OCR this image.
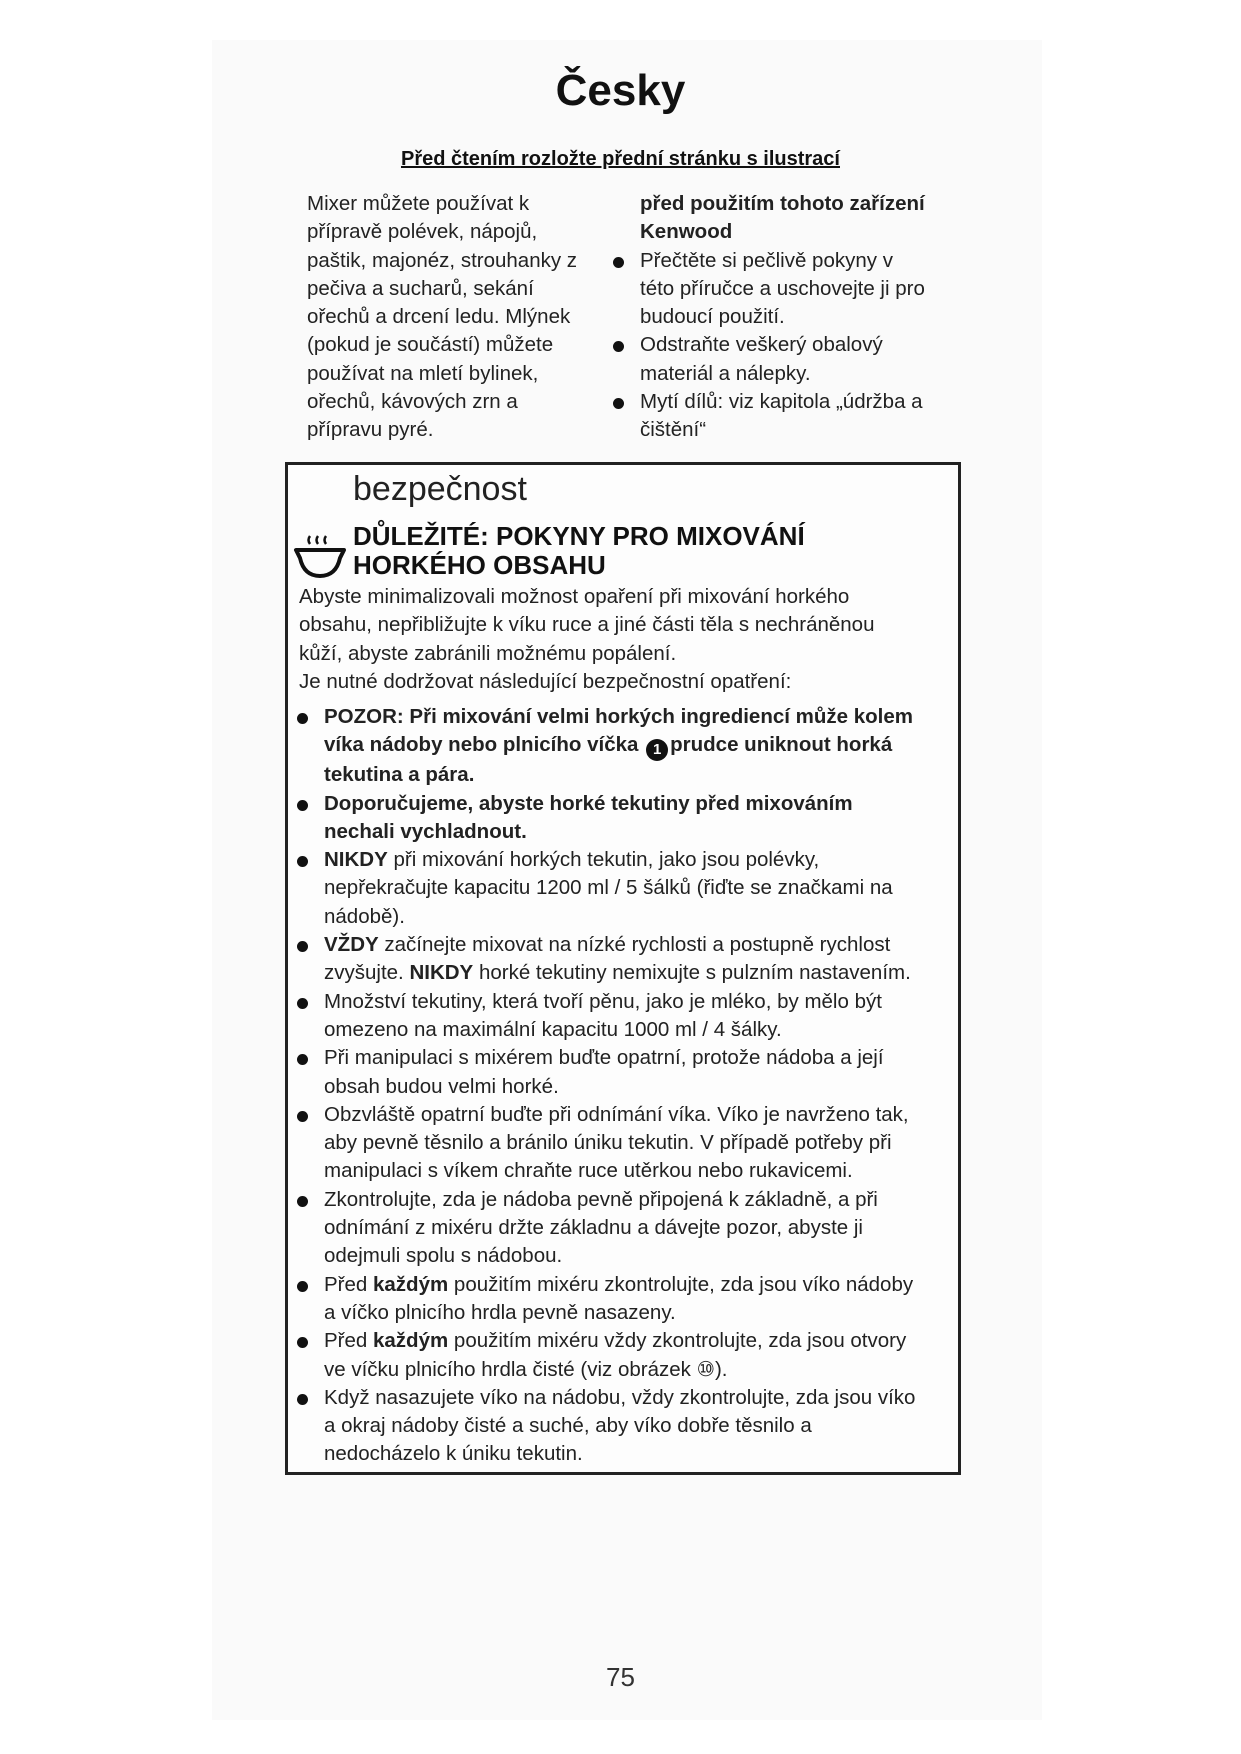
Česky
Před čtením rozložte přední stránku s ilustrací
Mixer můžete používat k
přípravě polévek, nápojů,
paštik, majonéz, strouhanky z
pečiva a sucharů, sekání
ořechů a drcení ledu. Mlýnek
(pokud je součástí) můžete
používat na mletí bylinek,
ořechů, kávových zrn a
přípravu pyré.
před použitím tohoto zařízení
Kenwood
Přečtěte si pečlivě pokyny v
této příručce a uschovejte ji pro
budoucí použití.
Odstraňte veškerý obalový
materiál a nálepky.
Mytí dílů: viz kapitola „údržba a
čištění“
bezpečnost
DŮLEŽITÉ: POKYNY PRO MIXOVÁNÍ
HORKÉHO OBSAHU
Abyste minimalizovali možnost opaření při mixování horkého
obsahu, nepřibližujte k víku ruce a jiné části těla s nechráněnou
kůží, abyste zabránili možnému popálení.
Je nutné dodržovat následující bezpečnostní opatření:
POZOR: Při mixování velmi horkých ingrediencí může kolem
víka nádoby nebo plnicího víčka 1 prudce uniknout horká
tekutina a pára.
Doporučujeme, abyste horké tekutiny před mixováním
nechali vychladnout.
NIKDY při mixování horkých tekutin, jako jsou polévky,
nepřekračujte kapacitu 1200 ml / 5 šálků (řiďte se značkami na
nádobě).
VŽDY začínejte mixovat na nízké rychlosti a postupně rychlost
zvyšujte. NIKDY horké tekutiny nemixujte s pulzním nastavením.
Množství tekutiny, která tvoří pěnu, jako je mléko, by mělo být
omezeno na maximální kapacitu 1000 ml / 4 šálky.
Při manipulaci s mixérem buďte opatrní, protože nádoba a její
obsah budou velmi horké.
Obzvláště opatrní buďte při odnímání víka. Víko je navrženo tak,
aby pevně těsnilo a bránilo úniku tekutin. V případě potřeby při
manipulaci s víkem chraňte ruce utěrkou nebo rukavicemi.
Zkontrolujte, zda je nádoba pevně připojená k základně, a při
odnímání z mixéru držte základnu a dávejte pozor, abyste ji
odejmuli spolu s nádobou.
Před každým použitím mixéru zkontrolujte, zda jsou víko nádoby
a víčko plnicího hrdla pevně nasazeny.
Před každým použitím mixéru vždy zkontrolujte, zda jsou otvory
ve víčku plnicího hrdla čisté (viz obrázek ⑩).
Když nasazujete víko na nádobu, vždy zkontrolujte, zda jsou víko
a okraj nádoby čisté a suché, aby víko dobře těsnilo a
nedocházelo k úniku tekutin.
75
